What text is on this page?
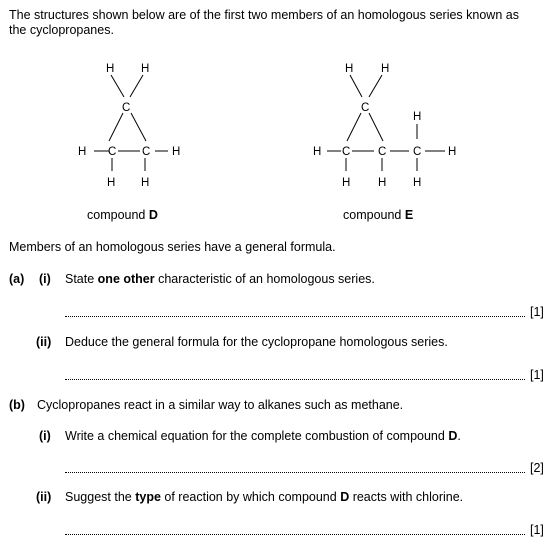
The structures shown below are of the first two members of an homologous series known as
the cyclopropanes.
H H
C
H C C H
H H
compound D
H H
C
H
H C C C H
H H H
compound E
Members of an homologous series have a general formula.
(a) (i) State one other characteristic of an homologous series.
[1]
(ii) Deduce the general formula for the cyclopropane homologous series.
[1]
(b) Cyclopropanes react in a similar way to alkanes such as methane.
(i) Write a chemical equation for the complete combustion of compound D.
[2]
(ii) Suggest the type of reaction by which compound D reacts with chlorine.
[1]
